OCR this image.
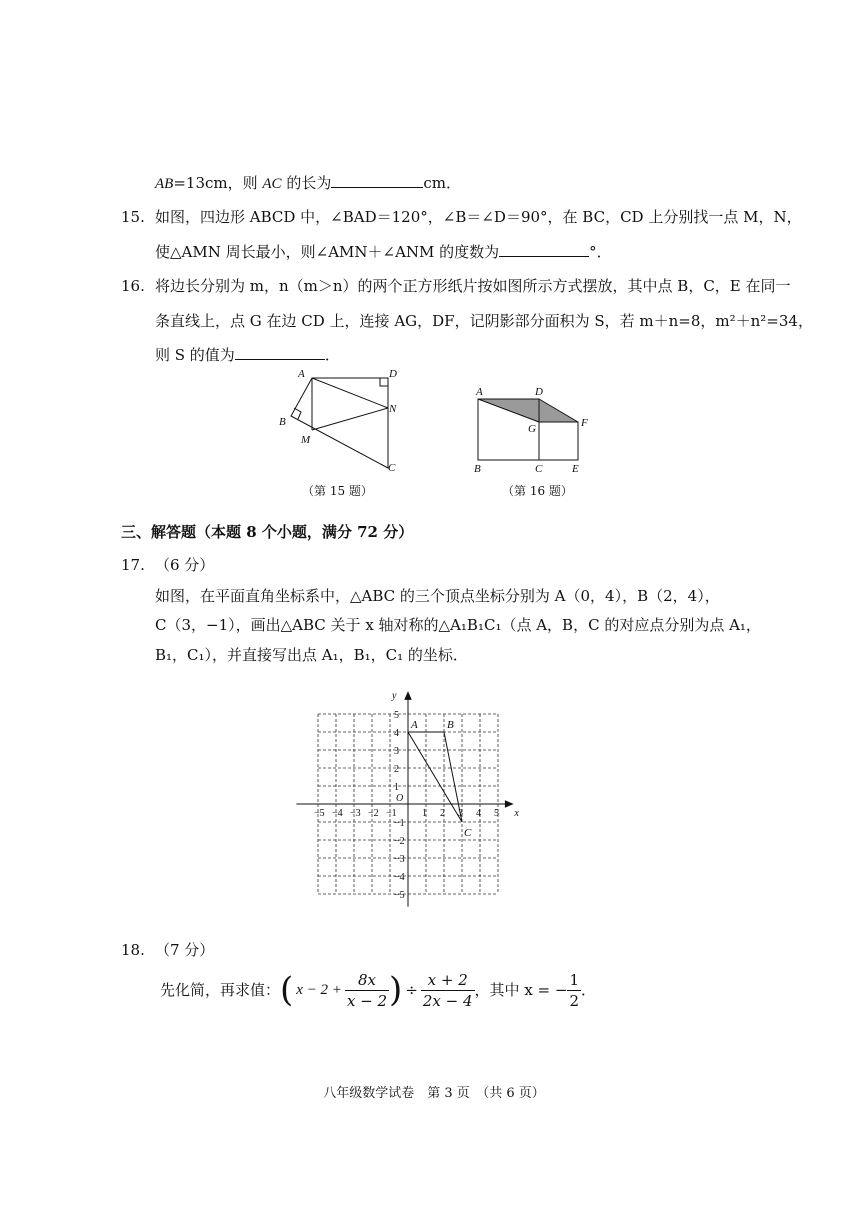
AB=13cm，则 AC 的长为	cm．
15. 如图，四边形 ABCD 中，∠BAD＝120°，∠B＝∠D＝90°，在 BC，CD 上分别找一点 M，N，
使△AMN 周长最小，则∠AMN＋∠ANM 的度数为	°．
16. 将边长分别为 m，n（m＞n）的两个正方形纸片按如图所示方式摆放，其中点 B，C，E 在同一
条直线上，点 G 在边 CD 上，连接 AG，DF，记阴影部分面积为 S，若 m＋n=8，m²＋n²=34，
则 S 的值为	．
A	D
B
N
M
C
（第 15 题）
A	D
G	F
B	C	E
（第 16 题）
三、解答题（本题 8 个小题，满分 72 分）
17. （6 分）
如图，在平面直角坐标系中，△ABC 的三个顶点坐标分别为 A（0，4），B（2，4），
C（3，−1），画出△ABC 关于 x 轴对称的△A₁B₁C₁（点 A，B，C 的对应点分别为点 A₁，
B₁，C₁），并直接写出点 A₁，B₁，C₁ 的坐标．
−5 −4 −3 −2 −1	1 2 3 4 5
5
4
3
2
1
−1
−2
−3
−4
−5
O
x
y
A	B
C
18. （7 分）
先化简，再求值： ( $x - 2 + \frac{8x}{x - 2}$ ) ÷ $\frac{x + 2}{2x - 4}$ ，其中 x = − $\frac{1}{2}$ ．
八年级数学试卷　第 3 页　（共 6 页）
